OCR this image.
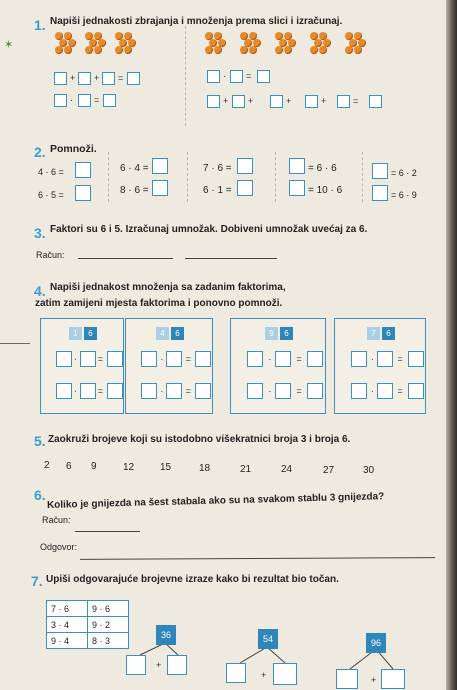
1. Napiši jednakosti zbrajanja i množenja prema slici i izračunaj.
✶
+ + =
· =
· =
+ +	+	+	=
2. Pomnoži.
4 · 6 =
6 · 5 =
6 · 4 =
8 · 6 =
7 · 6 =
6 · 1 =
= 6 · 6
= 10 · 6
= 6 · 2
= 6 · 9
3. Faktori su 6 i 5. Izračunaj umnožak. Dobiveni umnožak uvećaj za 6.
Račun:
4. Napiši jednakost množenja sa zadanim faktorima,
zatim zamijeni mjesta faktorima i ponovno pomnoži.
1	6
· =
· =
4	6
· =
· =
9	6
·	=
·	=
7	6
·	=
·	=
5. Zaokruži brojeve koji su istodobno višekratnici broja 3 i broja 6.
2 6 9	12	15	18	21	24	27	30
6. Koliko je gnijezda na šest stabala ako su na svakom stablu 3 gnijezda?
Račun:
Odgovor:
7. Upiši odgovarajuće brojevne izraze kako bi rezultat bio točan.
7 · 6	9 · 6
3 · 4	9 · 2
9 · 4	8 · 3
36
+
54
+
96
+
